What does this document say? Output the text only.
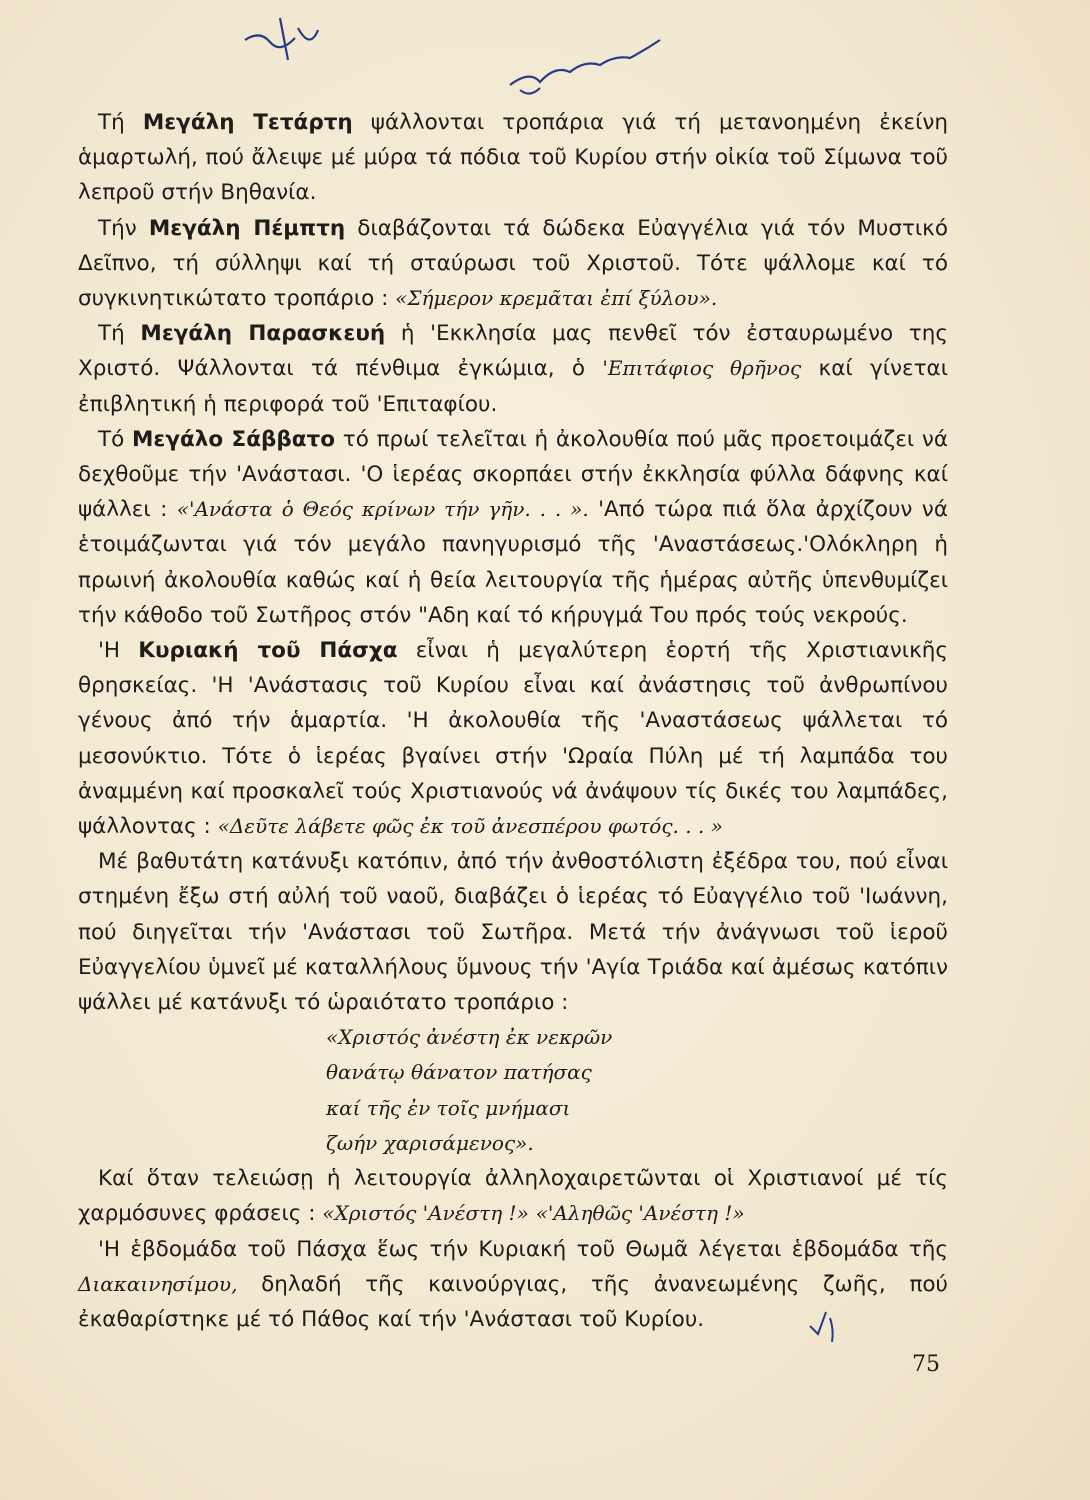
Τή Μεγάλη Τετάρτη ψάλλονται τροπάρια γιά τή μετανοημένη ἐκείνη ἁμαρτωλή, πού ἄλειψε μέ μύρα τά πόδια τοῦ Κυρίου στήν οἰκία τοῦ Σίμωνα τοῦ λεπροῦ στήν Βηθανία.

Τήν Μεγάλη Πέμπτη διαβάζονται τά δώδεκα Εὐαγγέλια γιά τόν Μυστικό Δεῖπνο, τή σύλληψι καί τή σταύρωσι τοῦ Χριστοῦ. Τότε ψάλλομε καί τό συγκινητικώτατο τροπάριο : «Σήμερον κρεμᾶται ἐπί ξύλου».

Τή Μεγάλη Παρασκευή ἡ 'Εκκλησία μας πενθεῖ τόν ἐσταυρωμένο της Χριστό. Ψάλλονται τά πένθιμα ἐγκώμια, ὁ 'Επιτάφιος θρῆνος καί γίνεται ἐπιβλητική ἡ περιφορά τοῦ 'Επιταφίου.

Τό Μεγάλο Σάββατο τό πρωί τελεῖται ἡ ἀκολουθία πού μᾶς προετοιμάζει νά δεχθοῦμε τήν 'Ανάστασι. 'Ο ἱερέας σκορπάει στήν ἐκκλησία φύλλα δάφνης καί ψάλλει : «'Ανάστα ὁ Θεός κρίνων τήν γῆν. . . ». 'Από τώρα πιά ὅλα ἀρχίζουν νά ἑτοιμάζωνται γιά τόν μεγάλο πανηγυρισμό τῆς 'Αναστάσεως.'Ολόκληρη ἡ πρωινή ἀκολουθία καθώς καί ἡ θεία λειτουργία τῆς ἡμέρας αὐτῆς ὑπενθυμίζει τήν κάθοδο τοῦ Σωτῆρος στόν "Αδη καί τό κήρυγμά Του πρός τούς νεκρούς.

'Η Κυριακή τοῦ Πάσχα εἶναι ἡ μεγαλύτερη ἑορτή τῆς Χριστιανικῆς θρησκείας. 'Η 'Ανάστασις τοῦ Κυρίου εἶναι καί ἀνάστησις τοῦ ἀνθρωπίνου γένους ἀπό τήν ἁμαρτία. 'Η ἀκολουθία τῆς 'Αναστάσεως ψάλλεται τό μεσονύκτιο. Τότε ὁ ἱερέας βγαίνει στήν 'Ωραία Πύλη μέ τή λαμπάδα του ἀναμμένη καί προσκαλεῖ τούς Χριστιανούς νά ἀνάψουν τίς δικές του λαμπάδες, ψάλλοντας : «Δεῦτε λάβετε φῶς ἐκ τοῦ ἀνεσπέρου φωτός. . . »

Μέ βαθυτάτη κατάνυξι κατόπιν, ἀπό τήν ἀνθοστόλιστη ἐξέδρα του, πού εἶναι στημένη ἔξω στή αὐλή τοῦ ναοῦ, διαβάζει ὁ ἱερέας τό Εὐαγγέλιο τοῦ 'Ιωάννη, πού διηγεῖται τήν 'Ανάστασι τοῦ Σωτῆρα. Μετά τήν ἀνάγνωσι τοῦ ἱεροῦ Εὐαγγελίου ὑμνεῖ μέ καταλλήλους ὕμνους τήν 'Αγία Τριάδα καί ἀμέσως κατόπιν ψάλλει μέ κατάνυξι τό ὡραιότατο τροπάριο :

«Χριστός ἀνέστη ἐκ νεκρῶν
θανάτῳ θάνατον πατήσας
καί τῆς ἐν τοῖς μνήμασι
ζωήν χαρισάμενος».

Καί ὅταν τελειώσῃ ἡ λειτουργία ἀλληλοχαιρετῶνται οἱ Χριστιανοί μέ τίς χαρμόσυνες φράσεις : «Χριστός 'Ανέστη !» «'Αληθῶς 'Ανέστη !»

'Η ἑβδομάδα τοῦ Πάσχα ἕως τήν Κυριακή τοῦ Θωμᾶ λέγεται ἑβδομάδα τῆς Διακαινησίμου, δηλαδή τῆς καινούργιας, τῆς ἀνανεωμένης ζωῆς, πού ἐκαθαρίστηκε μέ τό Πάθος καί τήν 'Ανάστασι τοῦ Κυρίου.

75
